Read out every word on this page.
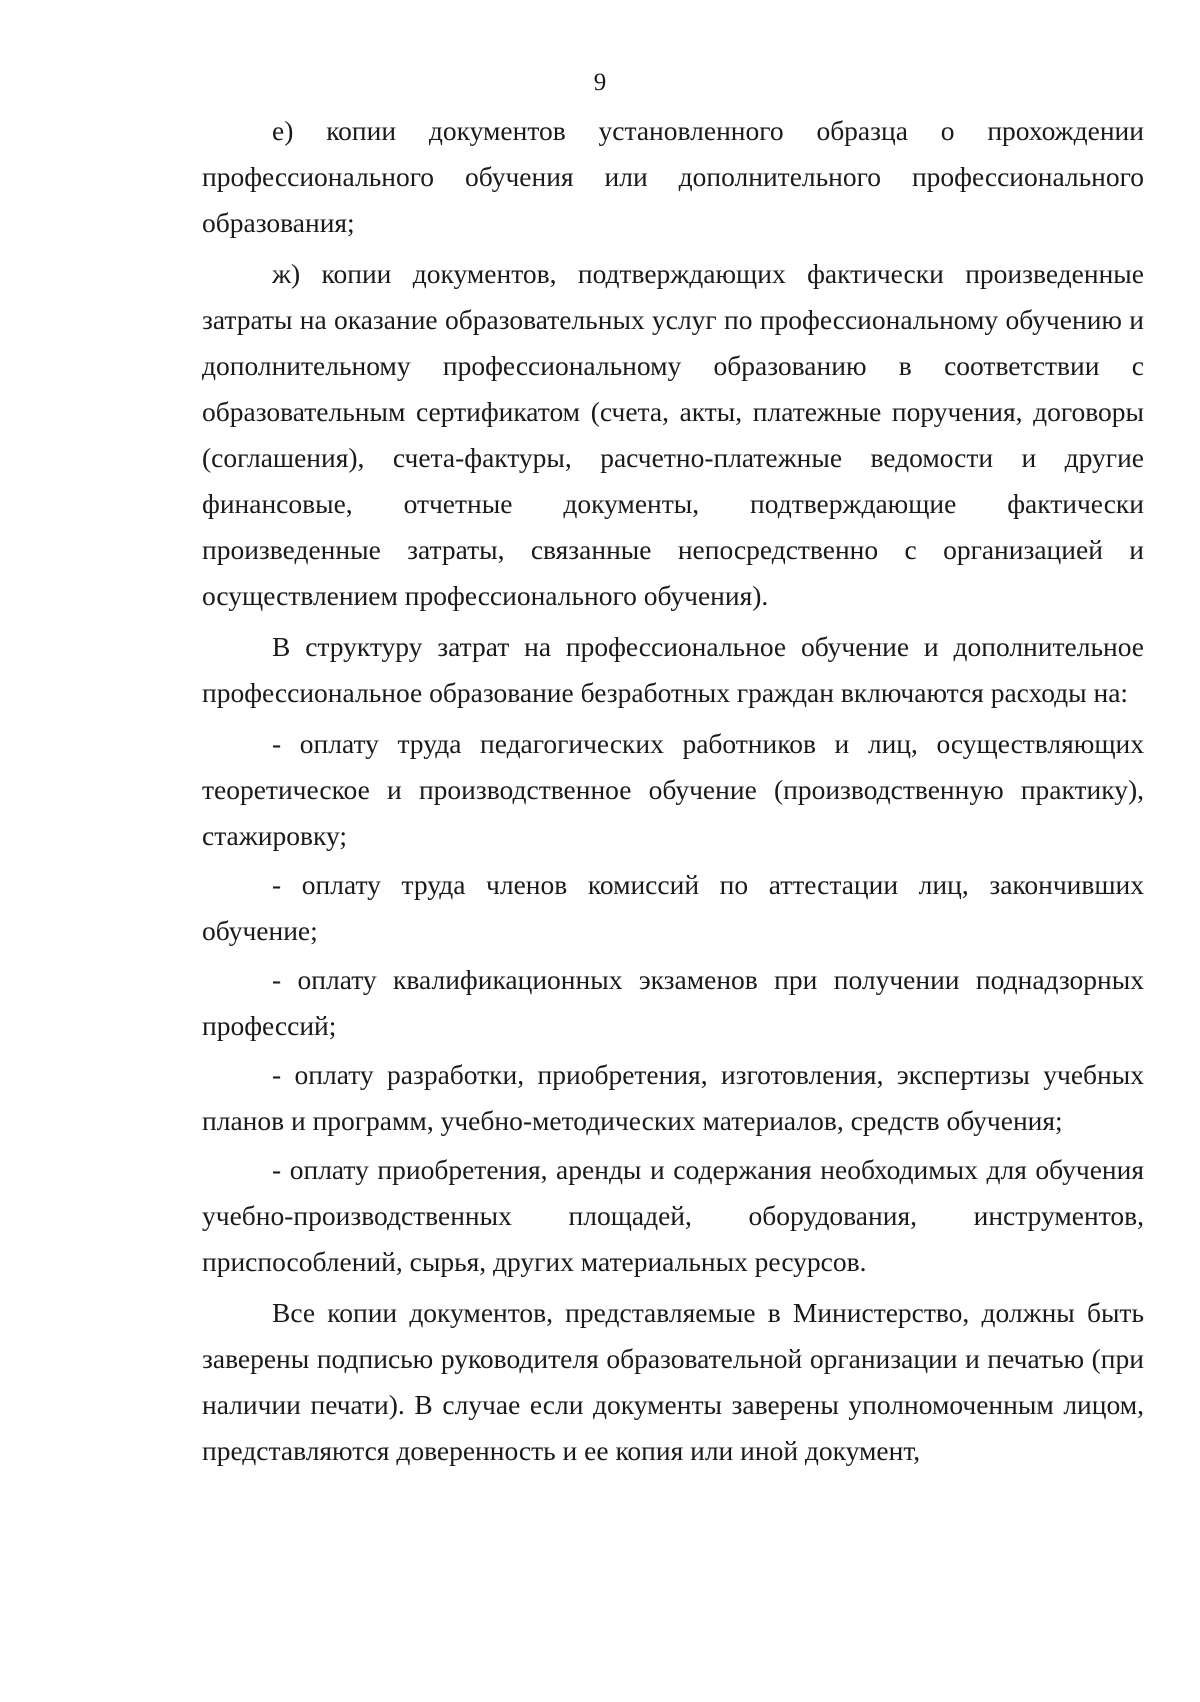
9

е) копии документов установленного образца о прохождении профессионального обучения или дополнительного профессионального образования;

ж) копии документов, подтверждающих фактически произведенные затраты на оказание образовательных услуг по профессиональному обучению и дополнительному профессиональному образованию в соответствии с образовательным сертификатом (счета, акты, платежные поручения, договоры (соглашения), счета-фактуры, расчетно-платежные ведомости и другие финансовые, отчетные документы, подтверждающие фактически произведенные затраты, связанные непосредственно с организацией и осуществлением профессионального обучения).

В структуру затрат на профессиональное обучение и дополнительное профессиональное образование безработных граждан включаются расходы на:

- оплату труда педагогических работников и лиц, осуществляющих теоретическое и производственное обучение (производственную практику), стажировку;

- оплату труда членов комиссий по аттестации лиц, закончивших обучение;

- оплату квалификационных экзаменов при получении поднадзорных профессий;

- оплату разработки, приобретения, изготовления, экспертизы учебных планов и программ, учебно-методических материалов, средств обучения;

- оплату приобретения, аренды и содержания необходимых для обучения учебно-производственных площадей, оборудования, инструментов, приспособлений, сырья, других материальных ресурсов.

Все копии документов, представляемые в Министерство, должны быть заверены подписью руководителя образовательной организации и печатью (при наличии печати). В случае если документы заверены уполномоченным лицом, представляются доверенность и ее копия или иной документ,
